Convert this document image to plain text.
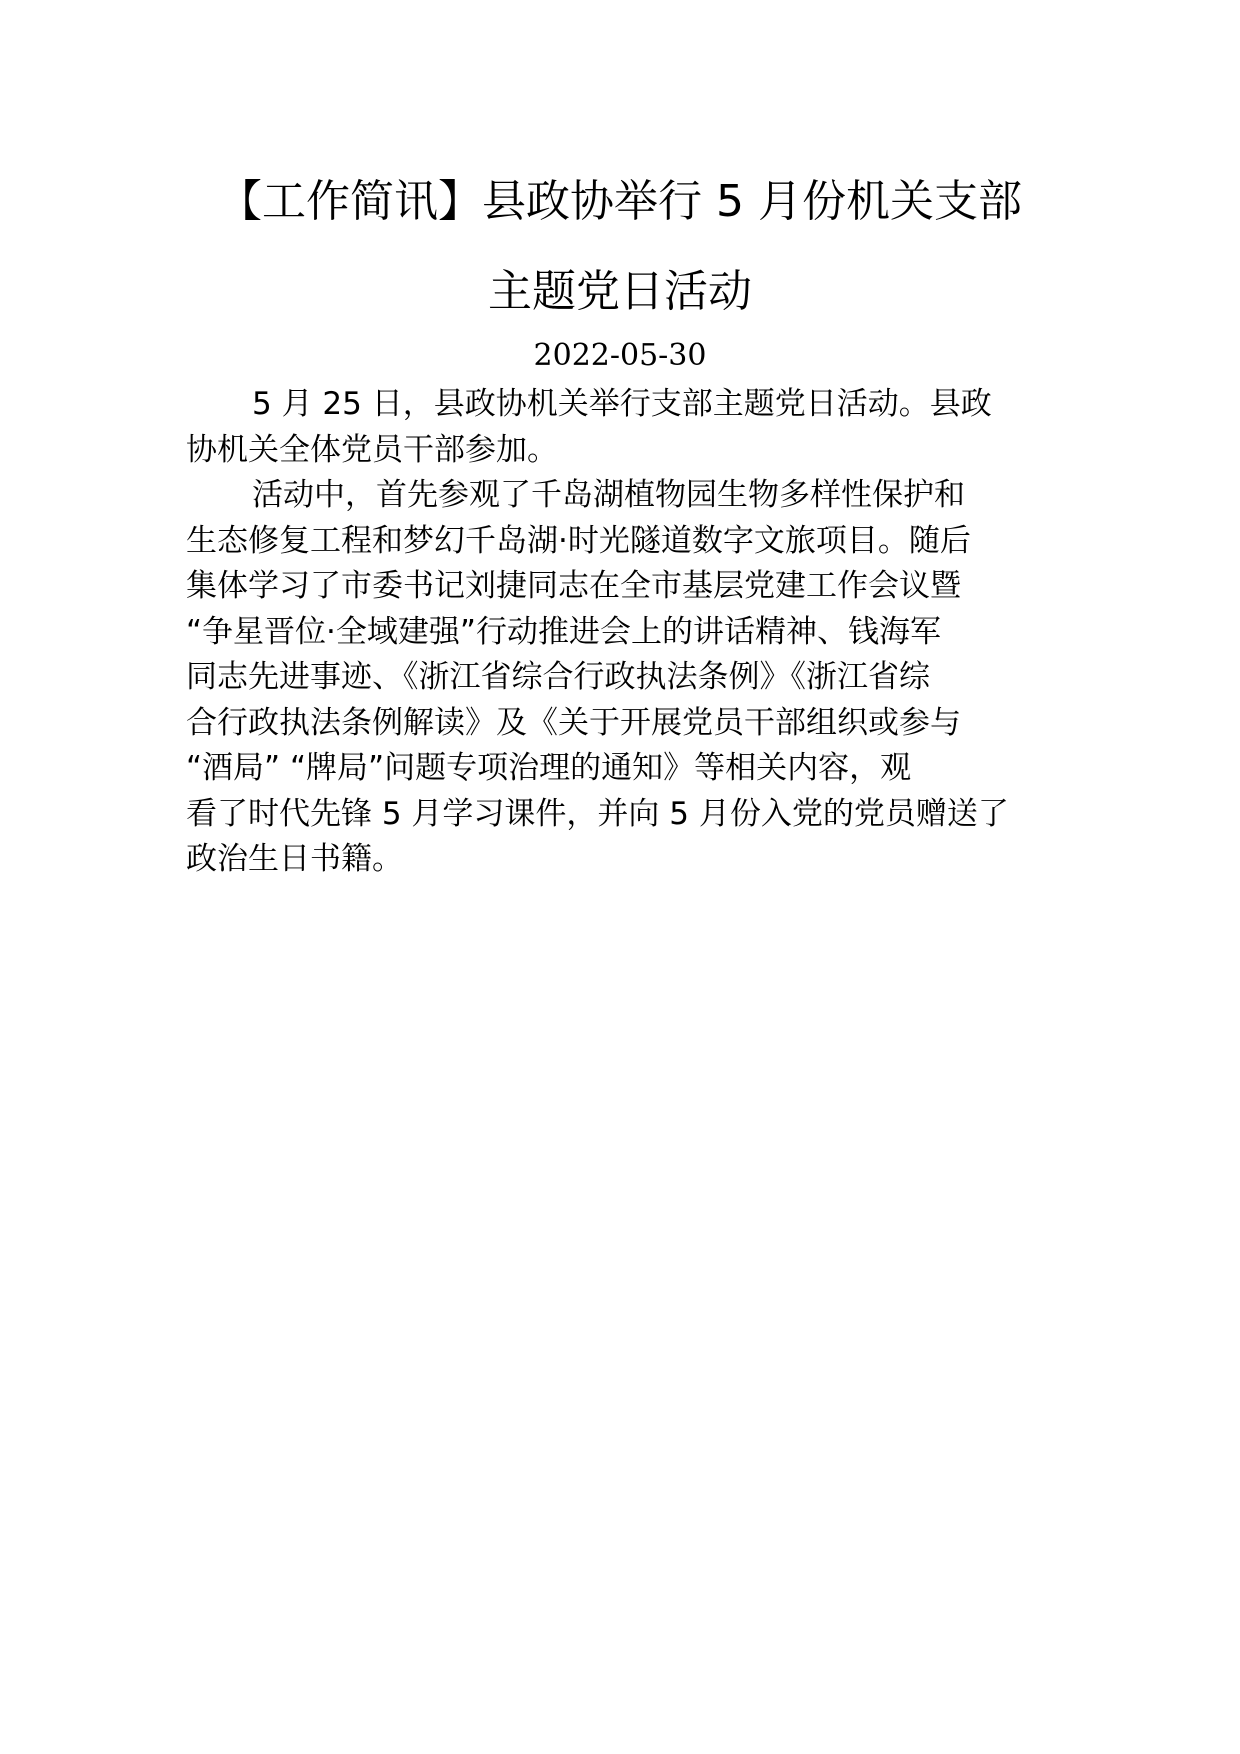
【工作简讯】县政协举行 5 月份机关支部
主题党日活动
2022-05-30
5 月 25 日，县政协机关举行支部主题党日活动。县政
协机关全体党员干部参加。
活动中，首先参观了千岛湖植物园生物多样性保护和
生态修复工程和梦幻千岛湖·时光隧道数字文旅项目。随后
集体学习了市委书记刘捷同志在全市基层党建工作会议暨
“争星晋位·全域建强”行动推进会上的讲话精神、钱海军
同志先进事迹、《浙江省综合行政执法条例》《浙江省综
合行政执法条例解读》及《关于开展党员干部组织或参与
“酒局” “牌局”问题专项治理的通知》等相关内容，观
看了时代先锋 5 月学习课件，并向 5 月份入党的党员赠送了
政治生日书籍。
